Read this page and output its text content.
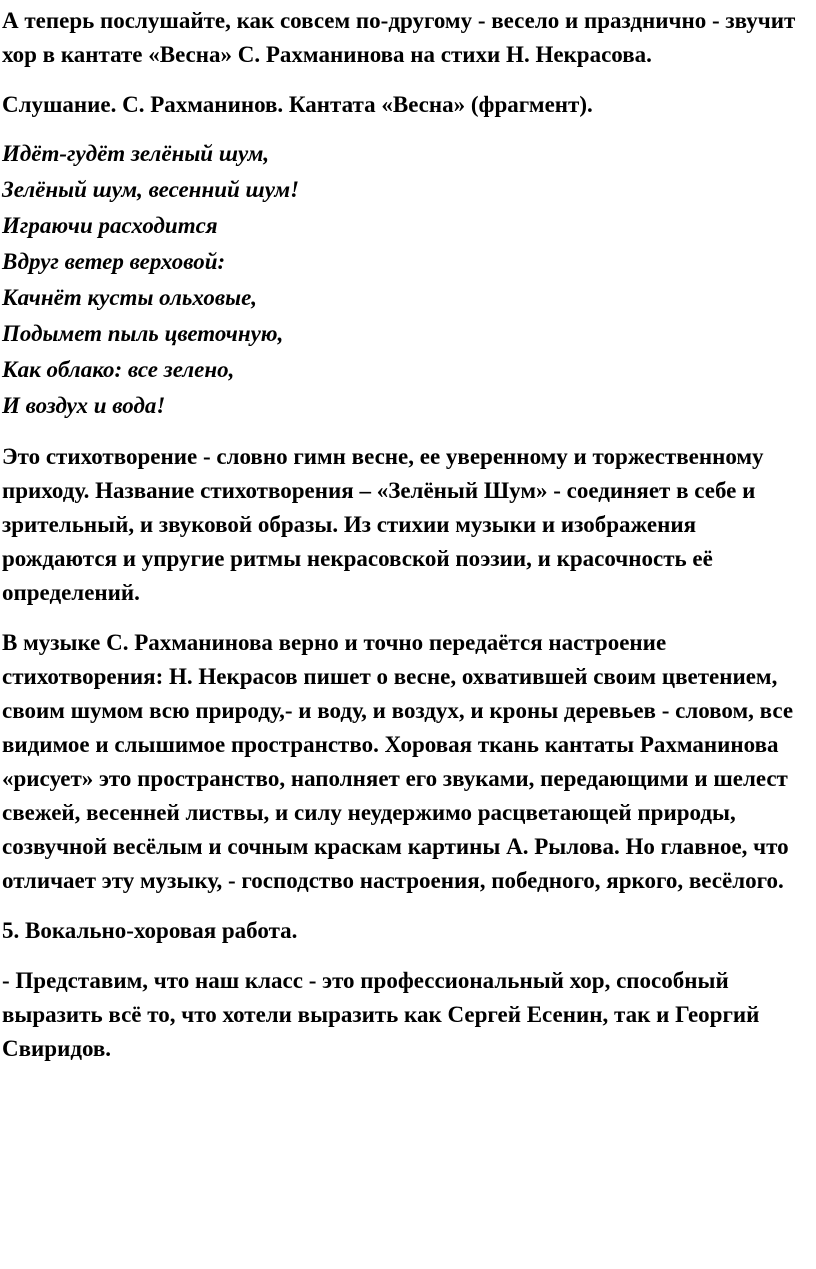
А теперь послушайте, как совсем по-другому - весело и празднично - звучит хор в кантате «Весна» С. Рахманинова на стихи Н. Некрасова.

Слушание. С. Рахманинов. Кантата «Весна» (фрагмент).

Идёт-гудёт зелёный шум,
Зелёный шум, весенний шум!
Играючи расходится
Вдруг ветер верховой:
Качнёт кусты ольховые,
Подымет пыль цветочную,
Как облако: все зелено,
И воздух и вода!

Это стихотворение - словно гимн весне, ее уверенному и торжественному приходу. Название стихотворения – «Зелёный Шум» - соединяет в себе и зрительный, и звуковой образы. Из стихии музыки и изображения рождаются и упругие ритмы некрасовской поэзии, и красочность её определений.

В музыке С. Рахманинова верно и точно передаётся настроение стихотворения: Н. Некрасов пишет о весне, охватившей своим цветением, своим шумом всю природу,- и воду, и воздух, и кроны деревьев - словом, все видимое и слышимое пространство. Хоровая ткань кантаты Рахманинова «рисует» это пространство, наполняет его звуками, передающими и шелест свежей, весенней листвы, и силу неудержимо расцветающей природы, созвучной весёлым и сочным краскам картины А. Рылова. Но главное, что отличает эту музыку, - господство настроения, победного, яркого, весёлого.

5. Вокально-хоровая работа.

- Представим, что наш класс - это профессиональный хор, способный выразить всё то, что хотели выразить как Сергей Есенин, так и Георгий Свиридов.
